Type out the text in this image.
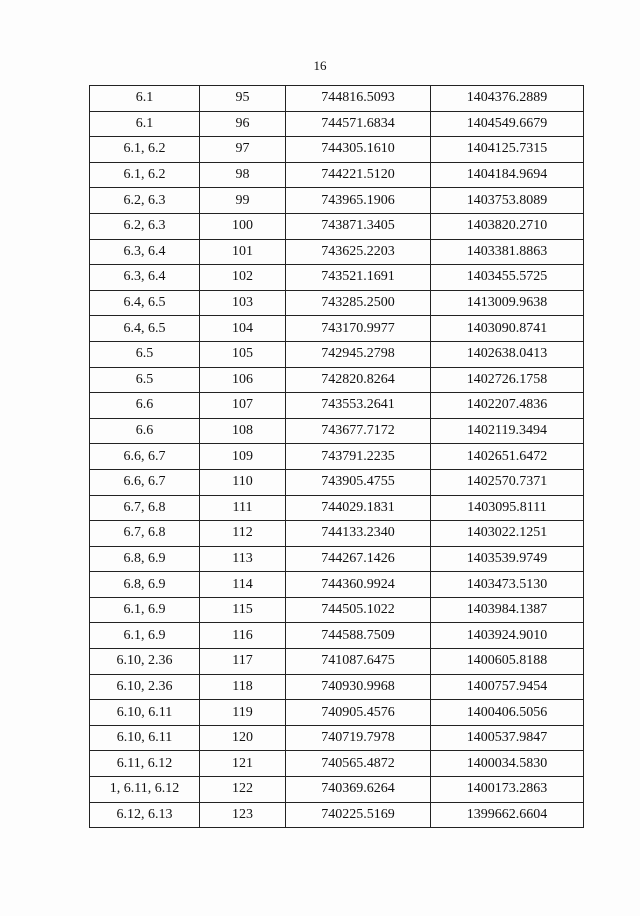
16
6.1	95	744816.5093	1404376.2889
6.1	96	744571.6834	1404549.6679
6.1, 6.2	97	744305.1610	1404125.7315
6.1, 6.2	98	744221.5120	1404184.9694
6.2, 6.3	99	743965.1906	1403753.8089
6.2, 6.3	100	743871.3405	1403820.2710
6.3, 6.4	101	743625.2203	1403381.8863
6.3, 6.4	102	743521.1691	1403455.5725
6.4, 6.5	103	743285.2500	1413009.9638
6.4, 6.5	104	743170.9977	1403090.8741
6.5	105	742945.2798	1402638.0413
6.5	106	742820.8264	1402726.1758
6.6	107	743553.2641	1402207.4836
6.6	108	743677.7172	1402119.3494
6.6, 6.7	109	743791.2235	1402651.6472
6.6, 6.7	110	743905.4755	1402570.7371
6.7, 6.8	111	744029.1831	1403095.8111
6.7, 6.8	112	744133.2340	1403022.1251
6.8, 6.9	113	744267.1426	1403539.9749
6.8, 6.9	114	744360.9924	1403473.5130
6.1, 6.9	115	744505.1022	1403984.1387
6.1, 6.9	116	744588.7509	1403924.9010
6.10, 2.36	117	741087.6475	1400605.8188
6.10, 2.36	118	740930.9968	1400757.9454
6.10, 6.11	119	740905.4576	1400406.5056
6.10, 6.11	120	740719.7978	1400537.9847
6.11, 6.12	121	740565.4872	1400034.5830
1, 6.11, 6.12	122	740369.6264	1400173.2863
6.12, 6.13	123	740225.5169	1399662.6604
